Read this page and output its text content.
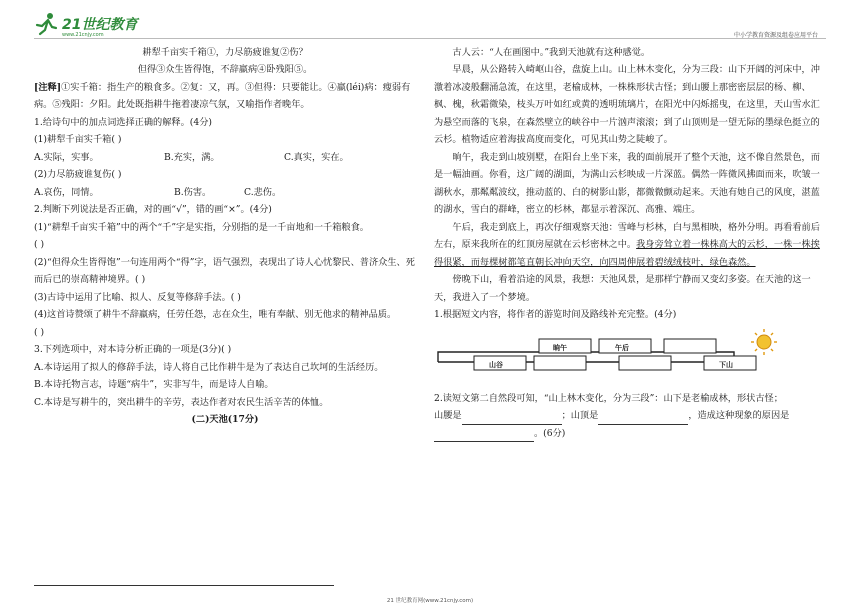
21世纪教育
www.21cnjy.com	中小学教育资源及组卷应用平台

耕犁千亩实千箱①，力尽筋疲谁复②伤？

但得③众生皆得饱，不辞羸病④卧残阳⑤。

[注释]①实千箱：指生产的粮食多。②复：又，再。③但得：只要能让。④羸(léi)病：瘦弱有病。⑤残阳：夕阳。此处既指耕牛拖着凄凉气氛，又喻指作者晚年。

1.给诗句中的加点词选择正确的解释。(4分)

(1)耕犁千亩实千箱( )

A.实际，实事。	B.充实，满。	C.真实，实在。

(2)力尽筋疲谁复伤( )

A.哀伤，同情。	B.伤害。	C.悲伤。

2.判断下列说法是否正确，对的画“√”，错的画“×”。(4分)

(1)“耕犁千亩实千箱”中的两个“千”字是实指，分别指的是一千亩地和一千箱粮食。

( )

(2)“但得众生皆得饱”一句连用两个“得”字，语气强烈，表现出了诗人心忧黎民、普济众生、死而后已的崇高精神境界。( )

(3)古诗中运用了比喻、拟人、反复等修辞手法。( )

(4)这首诗赞颂了耕牛不辞羸病，任劳任怨，志在众生，唯有奉献、别无他求的精神品质。

( )

3.下列选项中，对本诗分析正确的一项是(3分)( )

A.本诗运用了拟人的修辞手法，诗人将自己比作耕牛是为了表达自己坎坷的生活经历。

B.本诗托物言志，诗题“病牛”，实非写牛，而是诗人自喻。

C.本诗是写耕牛的，突出耕牛的辛劳，表达作者对农民生活辛苦的体恤。

(二)天池(17分)

古人云：“人在画图中。”我到天池就有这种感觉。

早晨，从公路转入崎岖山谷，盘旋上山。山上林木变化，分为三段：山下开阔的河床中，冲激着冰凌般翻涌急流，在这里，老榆成林，一株株形状古怪；到山腰上那密密层层的杨、柳、枫、槐，秋霜微染，枝头万叶如红或黄的透明琉璃片，在阳光中闪烁摇曳，在这里，天山雪水汇为悬空而落的飞泉，在森然壁立的峡谷中一片汹声滚滚；到了山顶则是一望无际的墨绿色挺立的云杉。植物适应着海拔高度而变化，可见其山势之陡峻了。

晌午，我走到山坡别墅，在阳台上坐下来，我的面前展开了整个天池，这不像自然景色，而是一幅油画。你看，这广阔的湖面，为满山云杉映成一片深蓝。偶然一阵微风拂面而来，吹皱一湖秋水，那粼粼波纹，推动蓝的、白的树影山影，都微微颤动起来。天池有她自己的风度，湛蓝的湖水，雪白的群峰，密立的杉林，都显示着深沉、高雅、端庄。

午后，我走到底上，再次仔细观察天池：雪峰与杉林，白与黑相映，格外分明。再看看前后左右，原来我所在的红顶房屋就在云杉密林之中。我身旁耸立着一株株高大的云杉，一株一株挨得很紧，而每棵树都笔直朝长冲向天空，向四周伸展着碧绒绒枝叶，绿色森然。

傍晚下山，看着沿途的风景，我想：天池风景，是那样宁静而又变幻多姿。在天池的这一天，我进入了一个梦境。

1.根据短文内容，将作者的游览时间及路线补充完整。(4分)

晌午	午后
山谷	下山

2.读短文第二自然段可知，“山上林木变化，分为三段”：山下是老榆成林，形状古怪；

山腰是	；山顶是	，造成这种现象的原因是

。(6分)

21 世纪教育网(www.21cnjy.com)
